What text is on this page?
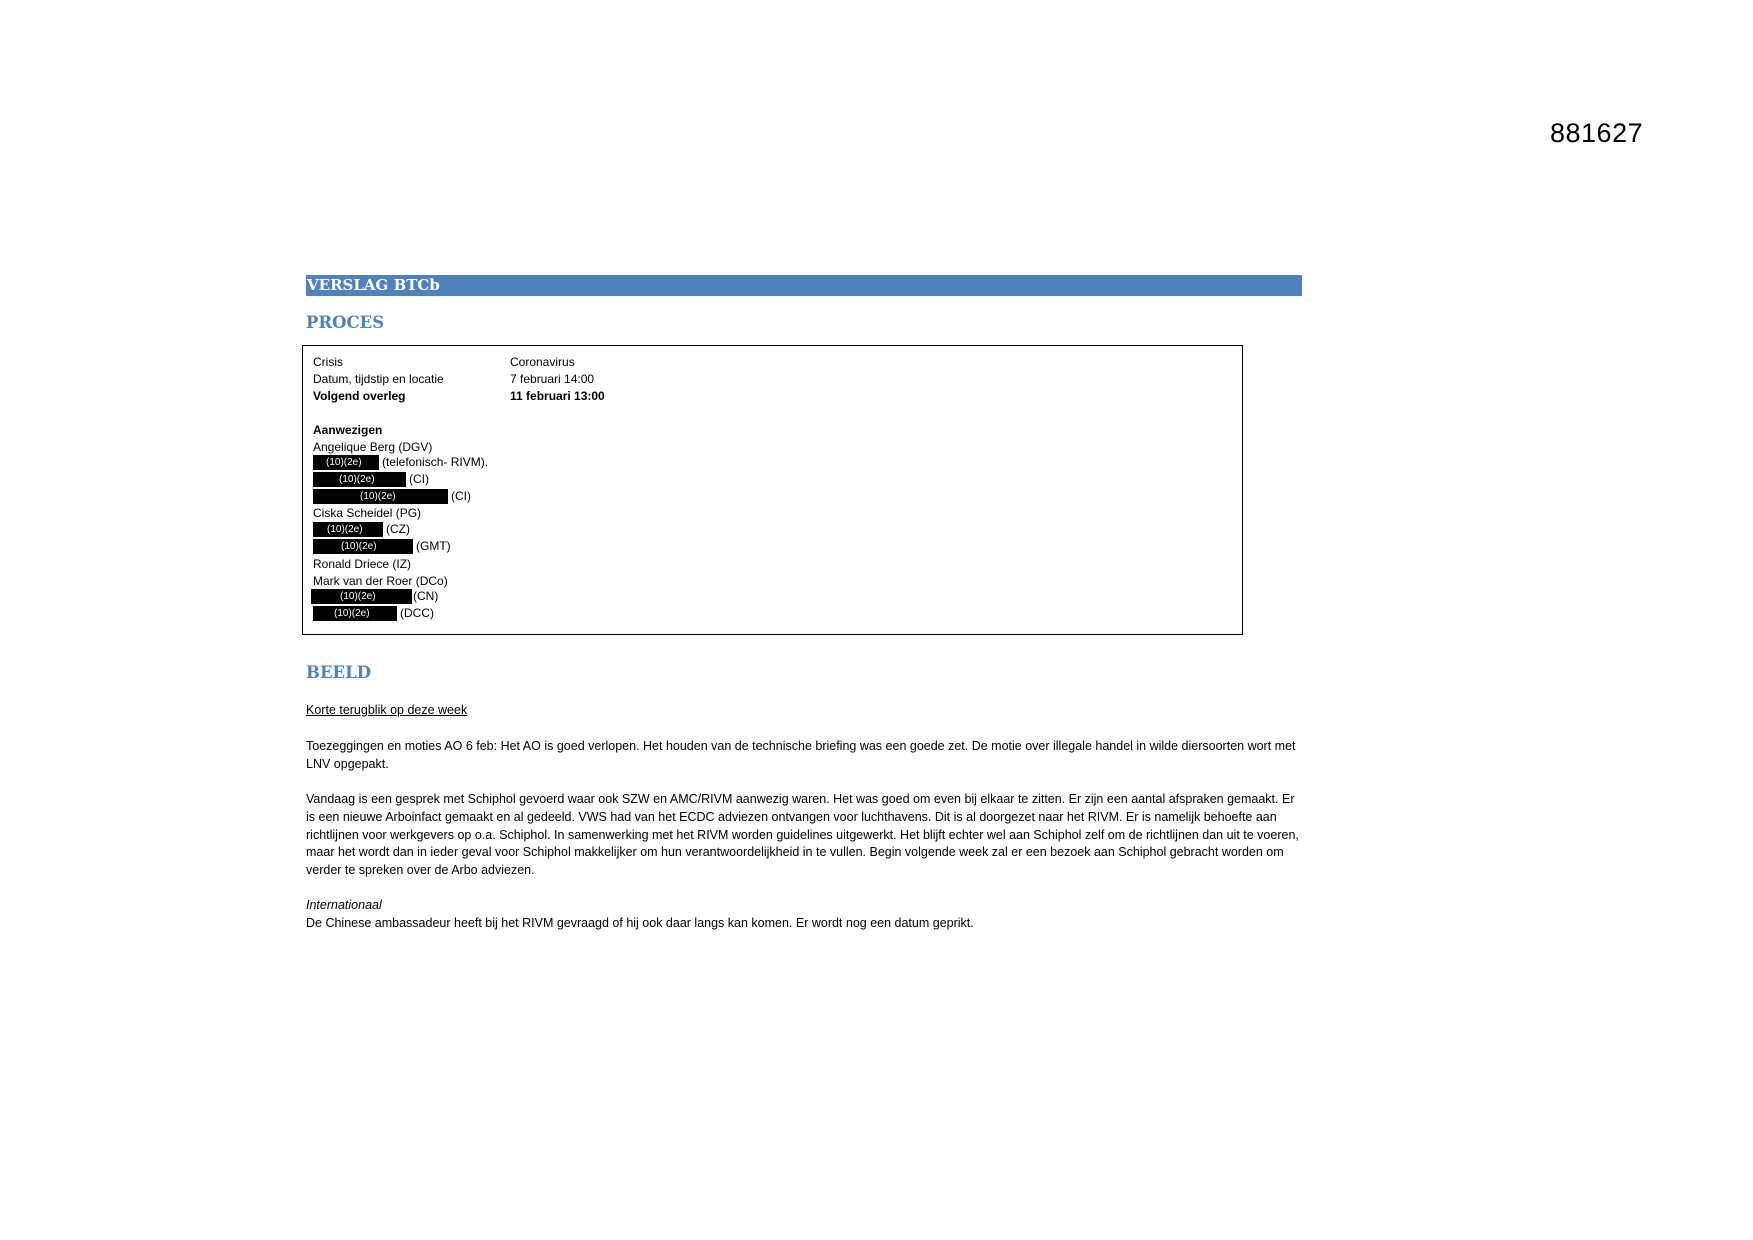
881627
VERSLAG BTCb
PROCES
Crisis	Coronavirus
Datum, tijdstip en locatie	7 februari 14:00
Volgend overleg	11 februari 13:00
Aanwezigen
Angelique Berg (DGV)
(10)(2e) (telefonisch- RIVM).
(10)(2e)	(CI)
(10)(2e)	(CI)
Ciska Scheidel (PG)
(10)(2e) (CZ)
(10)(2e)	(GMT)
Ronald Driece (IZ)
Mark van der Roer (DCo)
(10)(2e)	(CN)
(10)(2e)	(DCC)
BEELD
Korte terugblik op deze week
Toezeggingen en moties AO 6 feb: Het AO is goed verlopen. Het houden van de technische briefing was een goede zet. De motie over illegale handel in wilde diersoorten wort met LNV opgepakt.
Vandaag is een gesprek met Schiphol gevoerd waar ook SZW en AMC/RIVM aanwezig waren. Het was goed om even bij elkaar te zitten. Er zijn een aantal afspraken gemaakt. Er is een nieuwe Arboinfact gemaakt en al gedeeld. VWS had van het ECDC adviezen ontvangen voor luchthavens. Dit is al doorgezet naar het RIVM. Er is namelijk behoefte aan richtlijnen voor werkgevers op o.a. Schiphol. In samenwerking met het RIVM worden guidelines uitgewerkt. Het blijft echter wel aan Schiphol zelf om de richtlijnen dan uit te voeren, maar het wordt dan in ieder geval voor Schiphol makkelijker om hun verantwoordelijkheid in te vullen. Begin volgende week zal er een bezoek aan Schiphol gebracht worden om verder te spreken over de Arbo adviezen.
Internationaal
De Chinese ambassadeur heeft bij het RIVM gevraagd of hij ook daar langs kan komen. Er wordt nog een datum geprikt.
